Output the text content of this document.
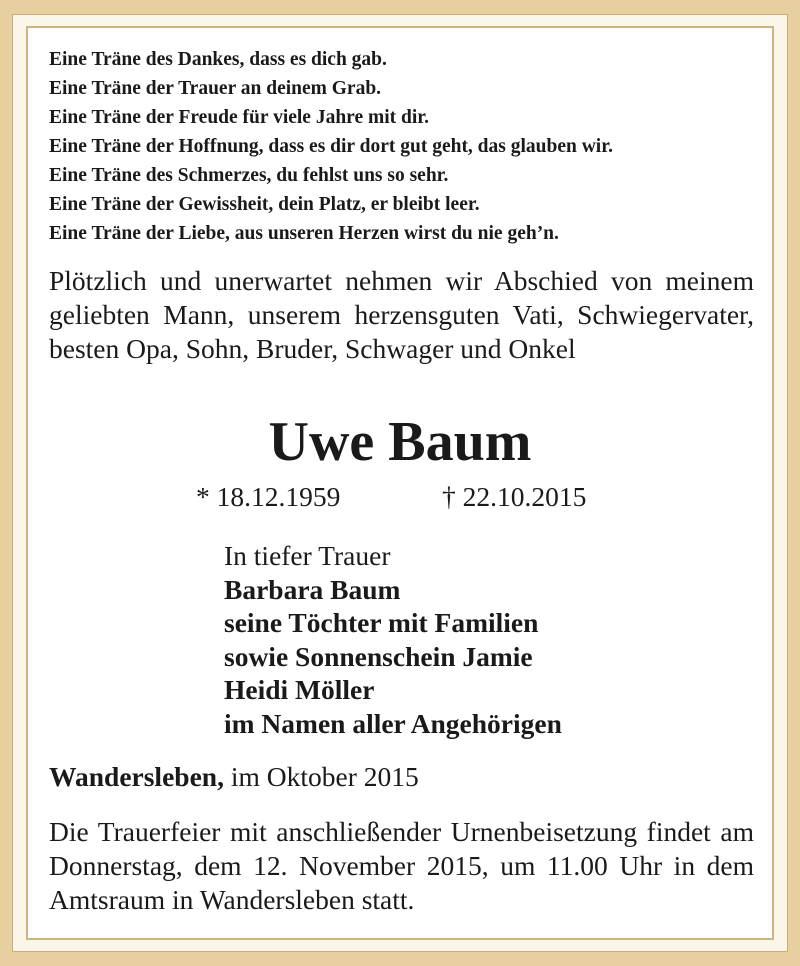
Eine Träne des Dankes, dass es dich gab.
Eine Träne der Trauer an deinem Grab.
Eine Träne der Freude für viele Jahre mit dir.
Eine Träne der Hoffnung, dass es dir dort gut geht, das glauben wir.
Eine Träne des Schmerzes, du fehlst uns so sehr.
Eine Träne der Gewissheit, dein Platz, er bleibt leer.
Eine Träne der Liebe, aus unseren Herzen wirst du nie geh’n.
Plötzlich und unerwartet nehmen wir Abschied von meinem geliebten Mann, unserem herzensguten Vati, Schwiegervater, besten Opa, Sohn, Bruder, Schwager und Onkel
Uwe Baum
* 18.12.1959	† 22.10.2015
In tiefer Trauer
Barbara Baum
seine Töchter mit Familien
sowie Sonnenschein Jamie
Heidi Möller
im Namen aller Angehörigen
Wandersleben, im Oktober 2015
Die Trauerfeier mit anschließender Urnenbeisetzung findet am Donnerstag, dem 12. November 2015, um 11.00 Uhr in dem Amtsraum in Wandersleben statt.
